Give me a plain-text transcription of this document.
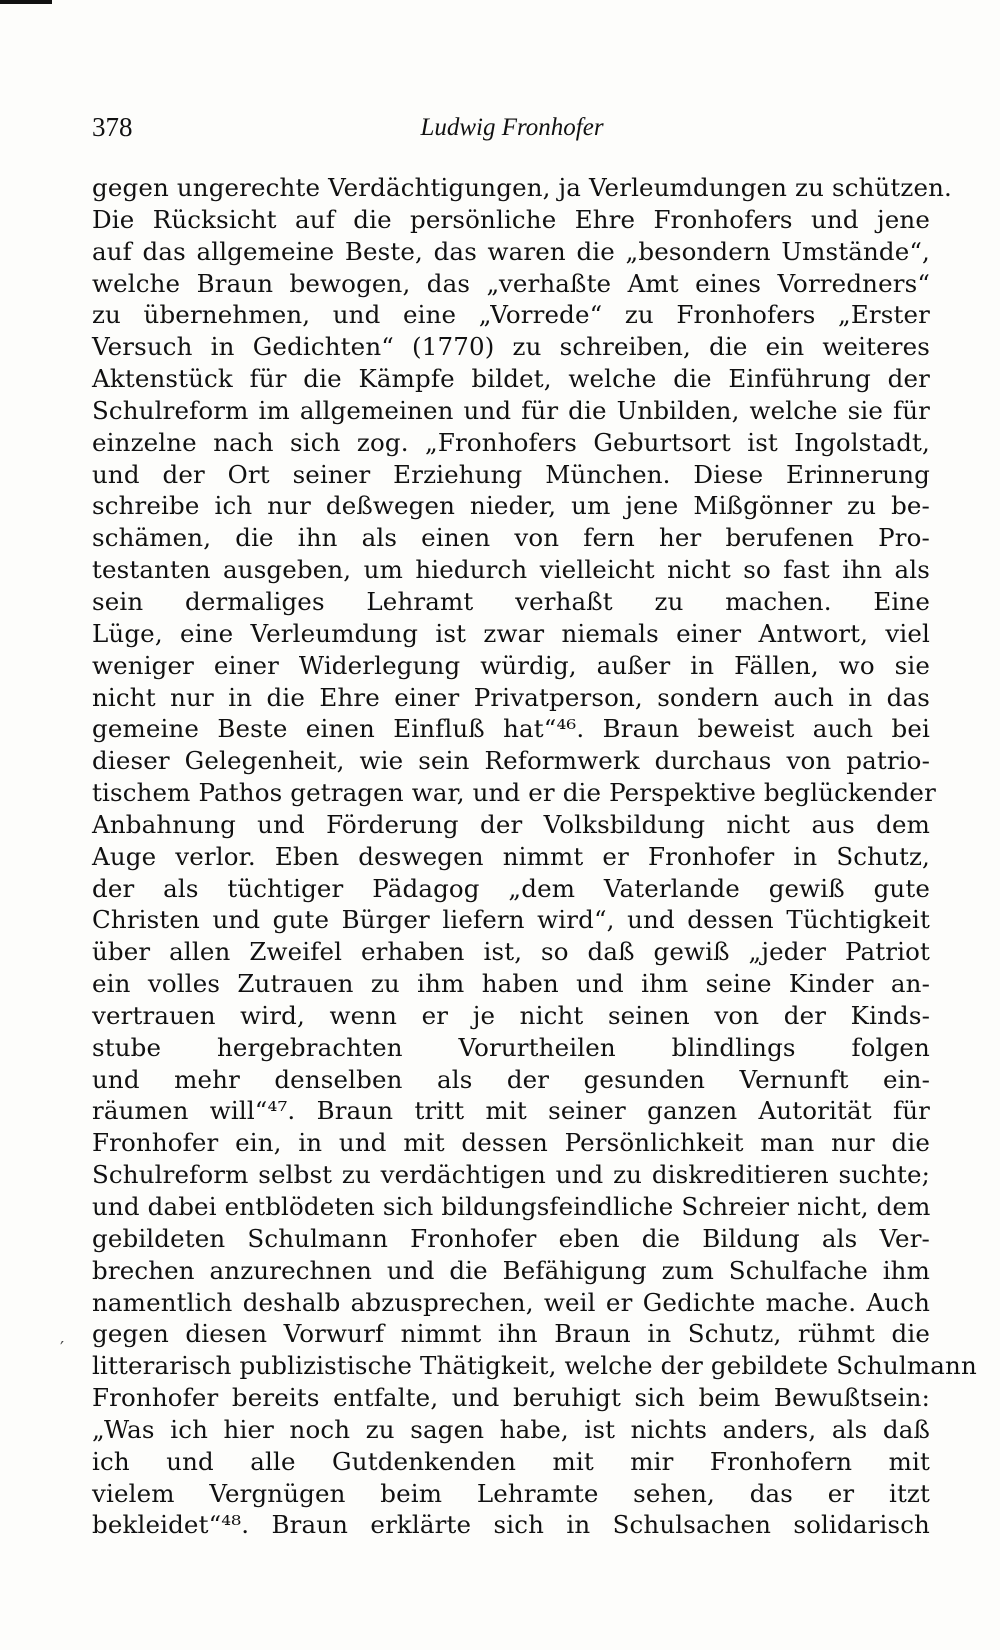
378	Ludwig Fronhofer
′
gegen ungerechte Verdächtigungen, ja Verleumdungen zu schützen.
Die Rücksicht auf die persönliche Ehre Fronhofers und jene
auf das allgemeine Beste, das waren die „besondern Umstände“,
welche Braun bewogen, das „verhaßte Amt eines Vorredners“
zu übernehmen, und eine „Vorrede“ zu Fronhofers „Erster
Versuch in Gedichten“ (1770) zu schreiben, die ein weiteres
Aktenstück für die Kämpfe bildet, welche die Einführung der
Schulreform im allgemeinen und für die Unbilden, welche sie für
einzelne nach sich zog. „Fronhofers Geburtsort ist Ingolstadt,
und der Ort seiner Erziehung München. Diese Erinnerung
schreibe ich nur deßwegen nieder, um jene Mißgönner zu be-
schämen, die ihn als einen von fern her berufenen Pro-
testanten ausgeben, um hiedurch vielleicht nicht so fast ihn als
sein dermaliges Lehramt verhaßt zu machen. Eine
Lüge, eine Verleumdung ist zwar niemals einer Antwort, viel
weniger einer Widerlegung würdig, außer in Fällen, wo sie
nicht nur in die Ehre einer Privatperson, sondern auch in das
gemeine Beste einen Einfluß hat“⁴⁶. Braun beweist auch bei
dieser Gelegenheit, wie sein Reformwerk durchaus von patrio-
tischem Pathos getragen war, und er die Perspektive beglückender
Anbahnung und Förderung der Volksbildung nicht aus dem
Auge verlor. Eben deswegen nimmt er Fronhofer in Schutz,
der als tüchtiger Pädagog „dem Vaterlande gewiß gute
Christen und gute Bürger liefern wird“, und dessen Tüchtigkeit
über allen Zweifel erhaben ist, so daß gewiß „jeder Patriot
ein volles Zutrauen zu ihm haben und ihm seine Kinder an-
vertrauen wird, wenn er je nicht seinen von der Kinds-
stube hergebrachten Vorurtheilen blindlings folgen
und mehr denselben als der gesunden Vernunft ein-
räumen will“⁴⁷. Braun tritt mit seiner ganzen Autorität für
Fronhofer ein, in und mit dessen Persönlichkeit man nur die
Schulreform selbst zu verdächtigen und zu diskreditieren suchte;
und dabei entblödeten sich bildungsfeindliche Schreier nicht, dem
gebildeten Schulmann Fronhofer eben die Bildung als Ver-
brechen anzurechnen und die Befähigung zum Schulfache ihm
namentlich deshalb abzusprechen, weil er Gedichte mache. Auch
gegen diesen Vorwurf nimmt ihn Braun in Schutz, rühmt die
litterarisch publizistische Thätigkeit, welche der gebildete Schulmann
Fronhofer bereits entfalte, und beruhigt sich beim Bewußtsein:
„Was ich hier noch zu sagen habe, ist nichts anders, als daß
ich und alle Gutdenkenden mit mir Fronhofern mit
vielem Vergnügen beim Lehramte sehen, das er itzt
bekleidet“⁴⁸. Braun erklärte sich in Schulsachen solidarisch
